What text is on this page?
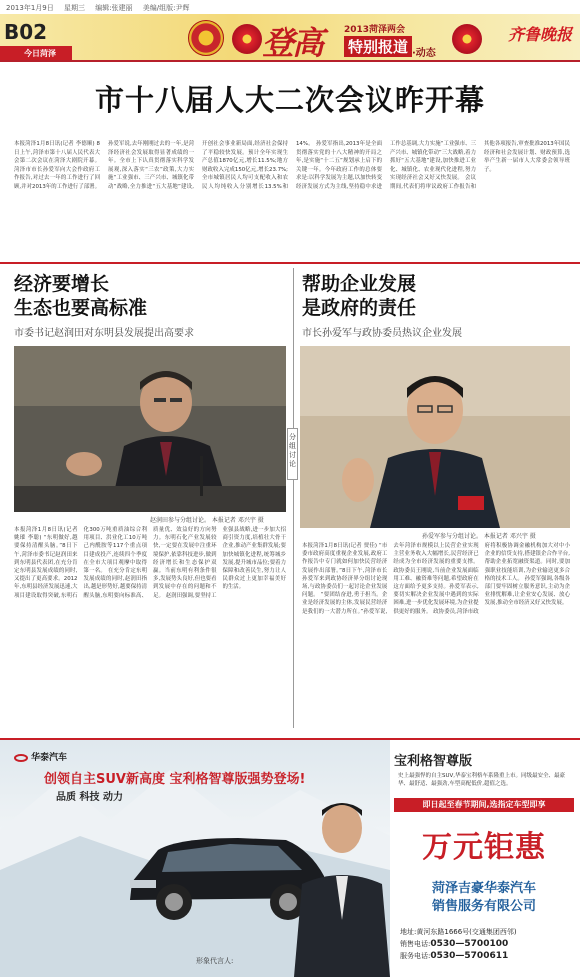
2013年1月9日 星期三 编辑:张建丽 美编/组版:尹辉
B02
今日菏泽	登高 2013菏泽两会
特别报道 ·动态
齐鲁晚报
市十八届人大二次会议昨开幕
本报菏泽1月8日讯(记者 李德顺) 8日上午,菏泽市第十八届人民代表大会第二次会议在菏泽大剧院开幕。菏泽市市长孙爱军向大会作政府工作报告,对过去一年的工作进行了回顾,并对2013年的工作进行了部署。 孙爱军说,去年刚刚过去的一年,是菏泽经济社会发展取得显著成绩的一年。全市上下认真贯彻落实科学发展观,深入落实“三农”政策,大力实施“工业强市、三产兴市、城镇化带动”战略,全力推进“五大基地”建设,开创社会事业新局面,经济社会保持了平稳较快发展。预计全年实现生产总值1870亿元,增长11.5%;地方财政收入完成150亿元,增长23.7%;全市城镇居民人均可支配收入和农民人均纯收入分别增长13.5%和14%。 孙爱军指出,2013年是全面贯彻落实党的十八大精神的开局之年,是实施“十二五”规划承上启下的关键一年。今年政府工作的总体要求是:以科学发展为主题,以加快转变经济发展方式为主线,坚持稳中求进工作总基调,大力实施“工业强市、三产兴市、城镇化带动”三大战略,着力抓好“五大基地”建设,加快推进工业化、城镇化、农业现代化进程,努力实现经济社会又好又快发展。 会议期间,代表们将审议政府工作报告和其他各项报告,审查批准2013年国民经济和社会发展计划、财政预算,选举产生新一届市人大常委会领导班子。
经济要增长
生态也要高标准
市委书记赵润田对东明县发展提出高要求
赵润田参与分组讨论。 本报记者 邓兴宇 摄
本报菏泽1月8日讯(记者 姚璀 李聪) “东明做好,越要保持清醒头脑。”8日下午,菏泽市委书记赵润田来到东明县代表团,在充分肯定东明县发展成绩的同时,又提出了更高要求。2012年,东明县经济发展迅速,大项目建设取得突破,东明石化300万吨重质油综合利用项目、洪业化工10万吨己内酰胺等117个重点项目建成投产,连续四个季度在全市大项目观摩中取得第一名。 在充分肯定东明发展成绩的同时,赵润田指出,越是形势好,越要保持清醒头脑,东明要向标准高、质量优、效益好的方向努力。东明石化产业发展较快,一定要在发展中注重环境保护,依靠科技进步,做到经济增长和生态保护双赢。当前东明有利条件很多,发展势头良好,但也要看到发展中存在的问题和不足。 赵润田强调,要坚持工业强县战略,进一步加大招商引资力度,培植壮大骨干企业,推动产业集群发展;要加快城镇化进程,统筹城乡发展,提升城市品位;要着力保障和改善民生,努力让人民群众过上更加幸福美好的生活。
分组讨论
帮助企业发展
是政府的责任
市长孙爱军与政协委员热议企业发展
孙爱军参与分组讨论。 本报记者 邓兴宇 摄
本报菏泽1月8日讯(记者 贾佳) “市委市政府高度重视企业发展,政府工作报告中专门就如何加快民营经济发展作出部署。”8日下午,菏泽市长孙爱军来到政协经济界分组讨论现场,与政协委员们一起讨论企业发展问题。 “要团结奋进,勇于担当。企业是经济发展的主体,发展民营经济是我们的一大潜力所在。”孙爱军说,去年菏泽市规模以上民营企业实现主营业务收入大幅增长,民营经济已经成为全市经济发展的重要支撑。 政协委员王刚说,当前企业发展面临用工难、融资难等问题,希望政府在这方面给予更多支持。孙爱军表示,要切实解决企业发展中遇到的实际困难,进一步优化发展环境,为企业提供更好的服务。 政协委员,菏泽市政府将积极协调金融机构加大对中小企业的信贷支持,搭建银企合作平台,帮助企业拓宽融资渠道。同时,要加强职业技能培训,为企业输送更多合格的技术工人。 孙爱军强调,各级各部门要牢固树立服务意识,主动为企业排忧解难,让企业安心发展、放心发展,推动全市经济又好又快发展。
华泰汽车
创领自主SUV新高度 宝利格智尊版强势登场!
品质 科技 动力
形象代言人:
宝利格智尊版
史上最强悍的自主SUV,华泰宝利格车系隆重上市。同级最安全、最豪华、最舒适、最强劲,车型高配低价,超值之选。
即日起至春节期间,选指定车型即享
万元钜惠
菏泽吉豪华泰汽车
销售服务有限公司
地址:黄河东路1666号(交通集团西邻)
销售电话:0530—5700100
服务电话:0530—5700611
